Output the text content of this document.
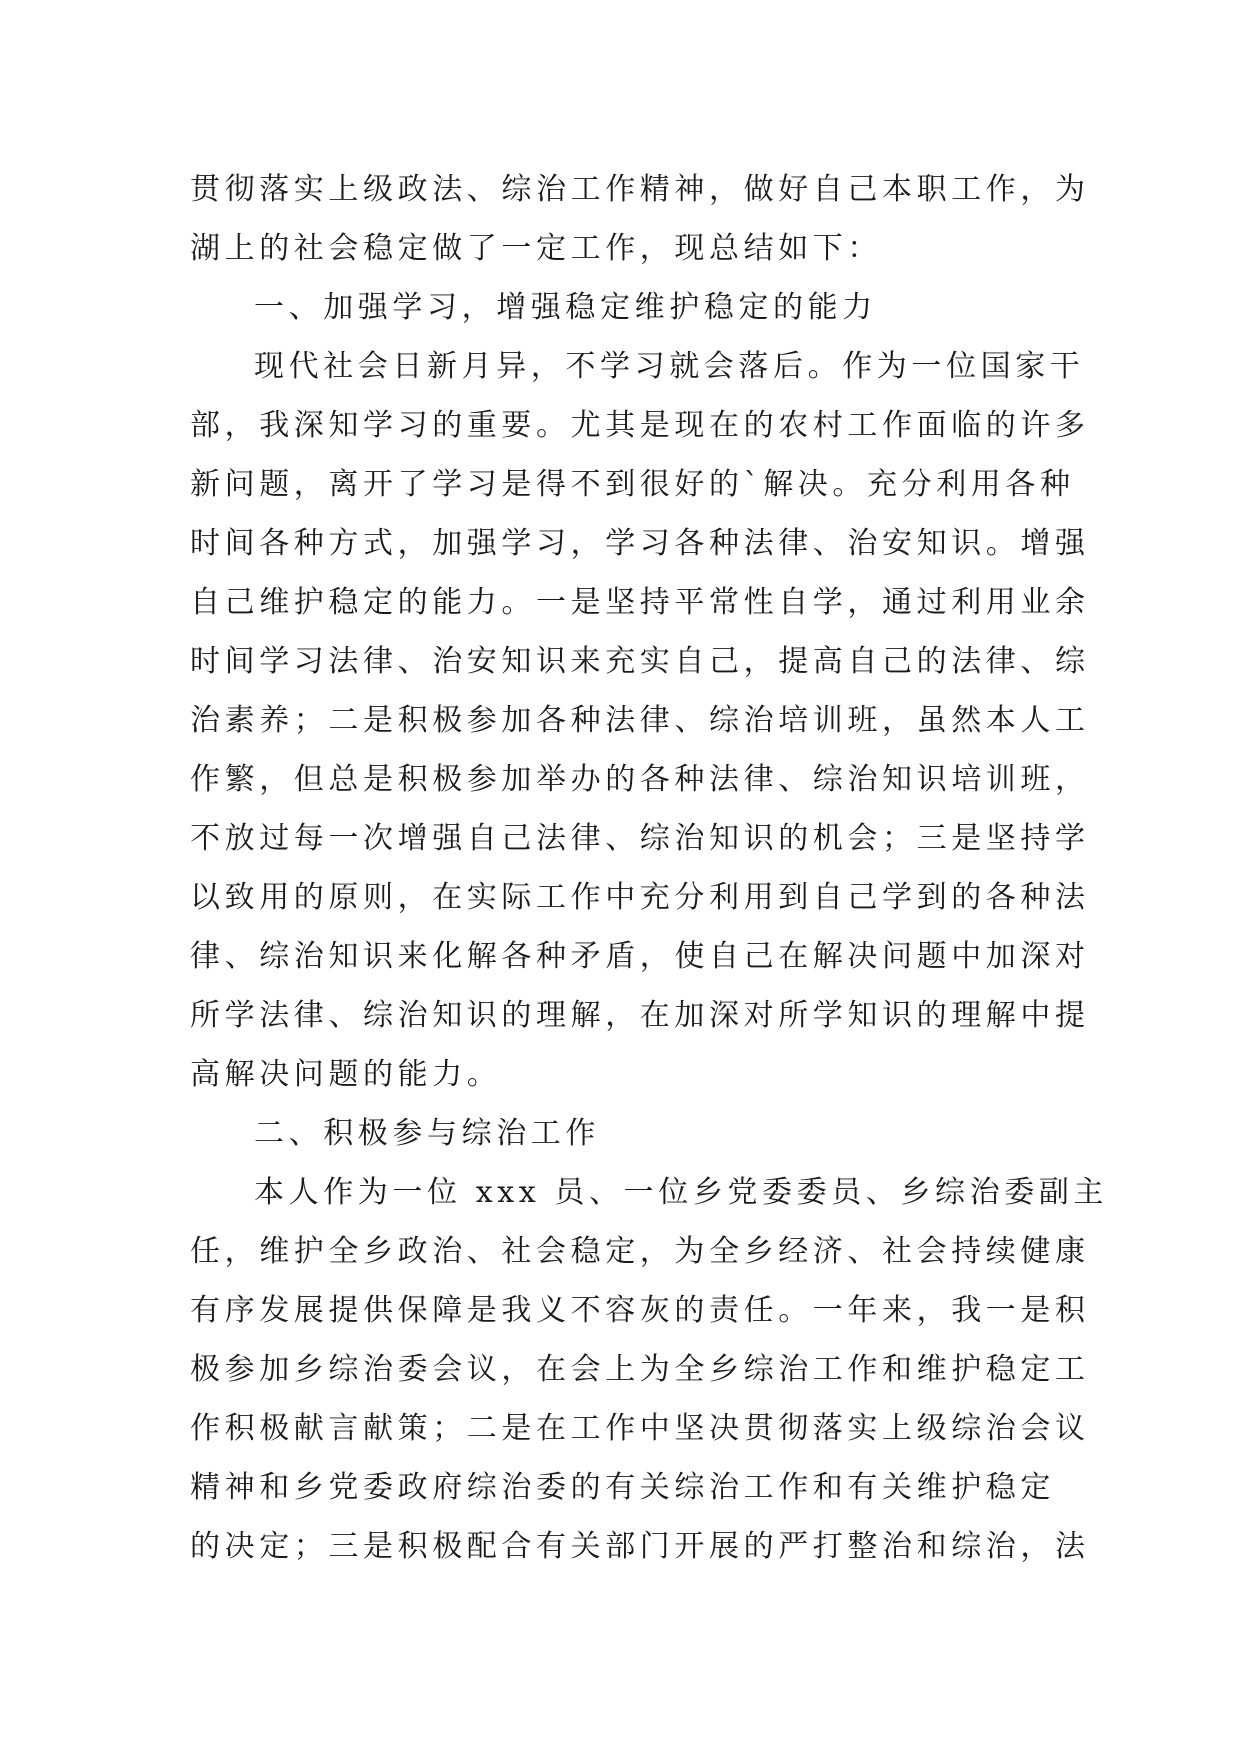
贯彻落实上级政法、综治工作精神，做好自己本职工作，为
湖上的社会稳定做了一定工作，现总结如下：
一、加强学习，增强稳定维护稳定的能力
现代社会日新月异，不学习就会落后。作为一位国家干
部，我深知学习的重要。尤其是现在的农村工作面临的许多
新问题，离开了学习是得不到很好的`解决。充分利用各种
时间各种方式，加强学习，学习各种法律、治安知识。增强
自己维护稳定的能力。一是坚持平常性自学，通过利用业余
时间学习法律、治安知识来充实自己，提高自己的法律、综
治素养；二是积极参加各种法律、综治培训班，虽然本人工
作繁，但总是积极参加举办的各种法律、综治知识培训班，
不放过每一次增强自己法律、综治知识的机会；三是坚持学
以致用的原则，在实际工作中充分利用到自己学到的各种法
律、综治知识来化解各种矛盾，使自己在解决问题中加深对
所学法律、综治知识的理解，在加深对所学知识的理解中提
高解决问题的能力。
二、积极参与综治工作
本人作为一位 xxx 员、一位乡党委委员、乡综治委副主
任，维护全乡政治、社会稳定，为全乡经济、社会持续健康
有序发展提供保障是我义不容灰的责任。一年来，我一是积
极参加乡综治委会议，在会上为全乡综治工作和维护稳定工
作积极献言献策；二是在工作中坚决贯彻落实上级综治会议
精神和乡党委政府综治委的有关综治工作和有关维护稳定
的决定；三是积极配合有关部门开展的严打整治和综治，法
